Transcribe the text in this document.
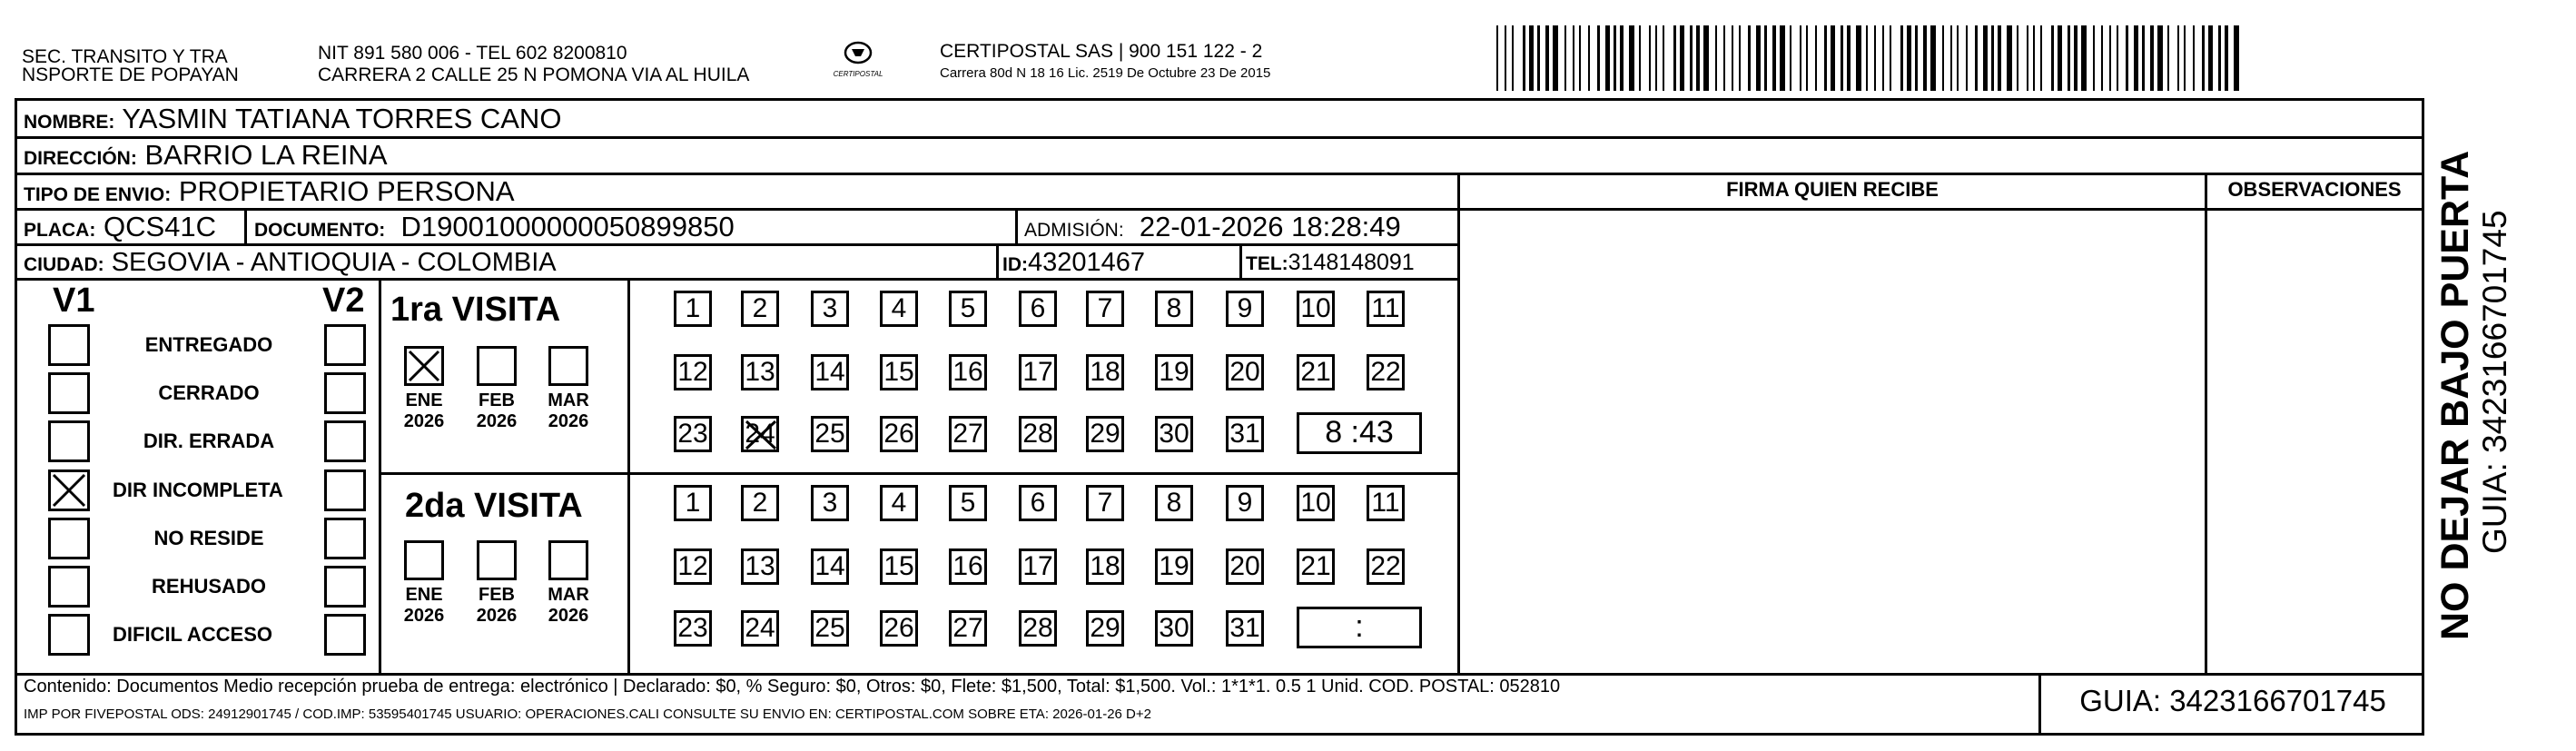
SEC. TRANSITO Y TRA
NSPORTE DE POPAYAN
NIT 891 580 006 - TEL 602 8200810
CARRERA 2 CALLE 25 N POMONA VIA AL HUILA	CERTIPOSTAL
CERTIPOSTAL SAS | 900 151 122 - 2
Carrera 80d N 18 16 Lic. 2519 De Octubre 23 De 2015
NOMBRE: YASMIN TATIANA TORRES CANO
DIRECCIÓN: BARRIO LA REINA
TIPO DE ENVIO: PROPIETARIO PERSONA
PLACA: QCS41C DOCUMENTO: D19001000000050899850	ADMISIÓN: 22-01-2026 18:28:49
CIUDAD: SEGOVIA - ANTIOQUIA - COLOMBIA	ID:43201467	TEL:3148148091
FIRMA QUIEN RECIBE	OBSERVACIONES
V1	V2
ENTREGADO
CERRADO
DIR. ERRADA
DIR INCOMPLETA
NO RESIDE
REHUSADO
DIFICIL ACCESO
1ra VISITA
2da VISITA
ENE
2026
FEB
2026
MAR
2026
1	2	3	4	5	6	7	8	9	10 11
12 13 14 15 16 17 18 19 20 21 22
23 24 25 26 27 28 29 30 31	8 :43
ENE
2026
FEB
2026
MAR
2026
1	2	3	4	5	6	7	8	9	10 11
12 13 14 15 16 17 18 19 20 21 22
23 24 25 26 27 28 29 30 31	:	NO DEJAR BAJO PUERTA GUIA: 3423166701745
Contenido: Documentos Medio recepción prueba de entrega: electrónico | Declarado: $0, % Seguro: $0, Otros: $0, Flete: $1,500, Total: $1,500. Vol.: 1*1*1. 0.5 1 Unid. COD. POSTAL: 052810
IMP POR FIVEPOSTAL ODS: 24912901745 / COD.IMP: 53595401745 USUARIO: OPERACIONES.CALI CONSULTE SU ENVIO EN: CERTIPOSTAL.COM SOBRE ETA: 2026-01-26 D+2	GUIA: 3423166701745
